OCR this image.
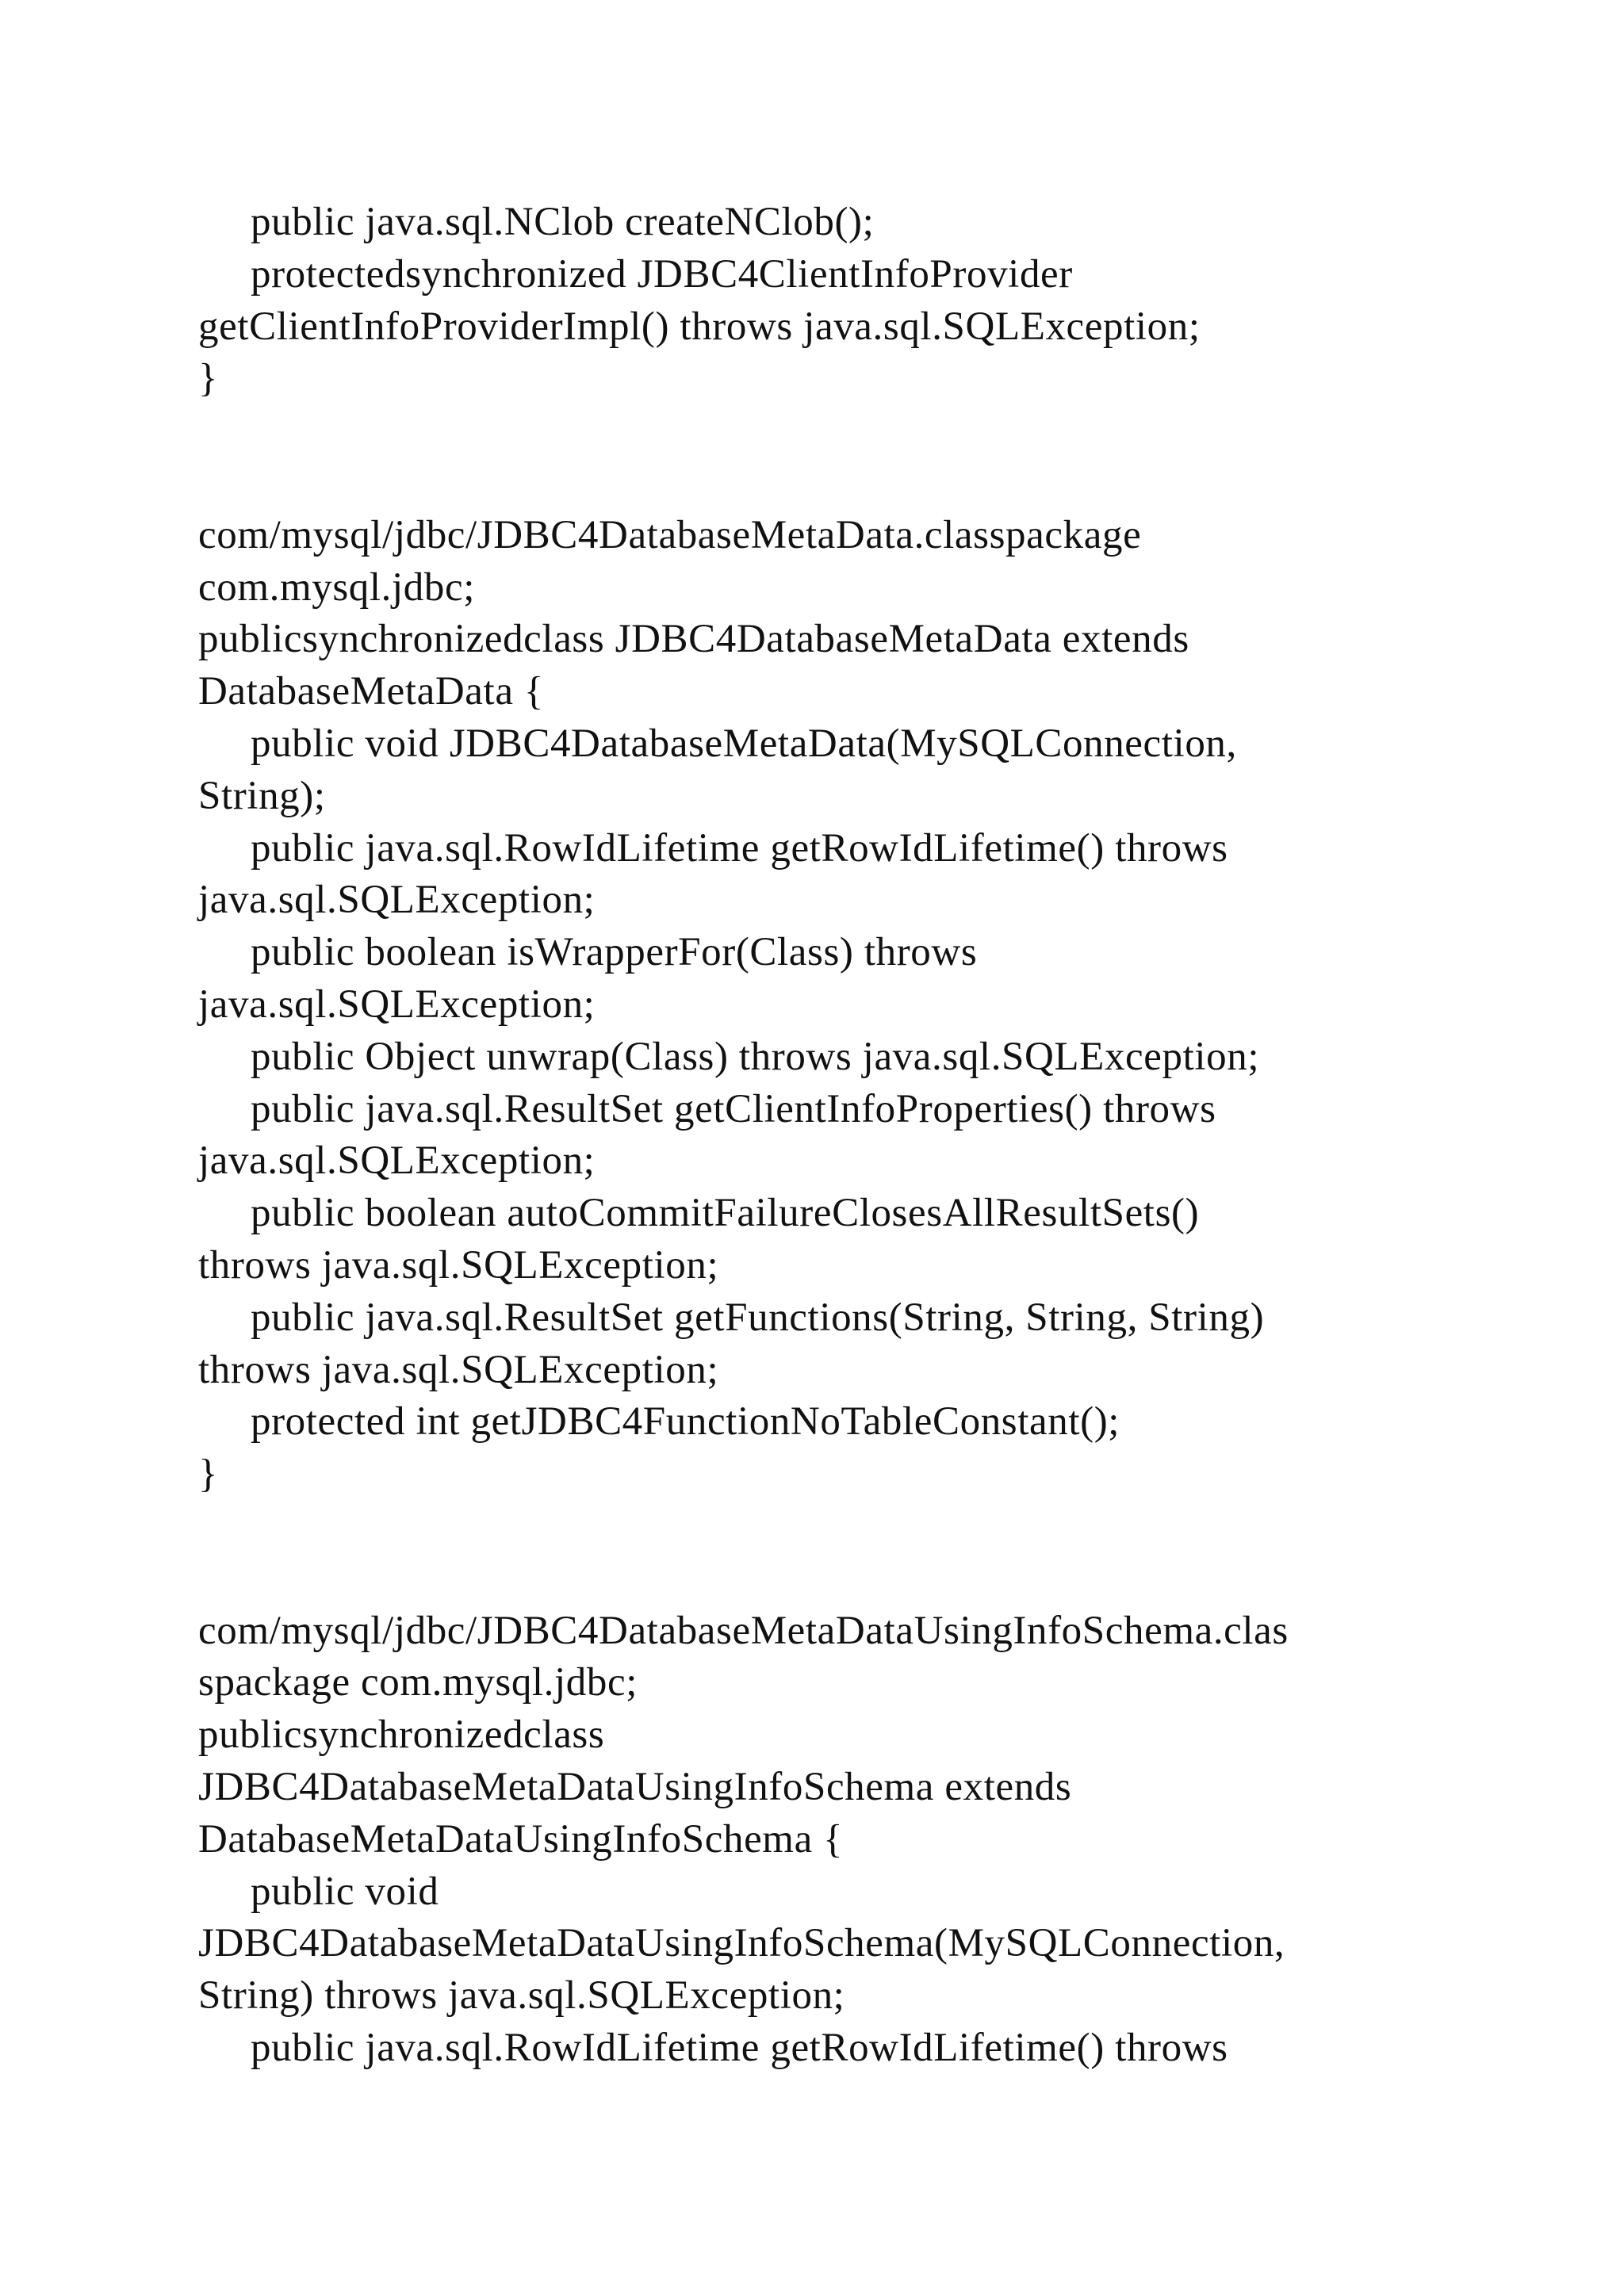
public java.sql.NClob createNClob();
protectedsynchronized JDBC4ClientInfoProvider
getClientInfoProviderImpl() throws java.sql.SQLException;
}
com/mysql/jdbc/JDBC4DatabaseMetaData.classpackage
com.mysql.jdbc;
publicsynchronizedclass JDBC4DatabaseMetaData extends
DatabaseMetaData {
public void JDBC4DatabaseMetaData(MySQLConnection,
String);
public java.sql.RowIdLifetime getRowIdLifetime() throws
java.sql.SQLException;
public boolean isWrapperFor(Class) throws
java.sql.SQLException;
public Object unwrap(Class) throws java.sql.SQLException;
public java.sql.ResultSet getClientInfoProperties() throws
java.sql.SQLException;
public boolean autoCommitFailureClosesAllResultSets()
throws java.sql.SQLException;
public java.sql.ResultSet getFunctions(String, String, String)
throws java.sql.SQLException;
protected int getJDBC4FunctionNoTableConstant();
}
com/mysql/jdbc/JDBC4DatabaseMetaDataUsingInfoSchema.clas
spackage com.mysql.jdbc;
publicsynchronizedclass
JDBC4DatabaseMetaDataUsingInfoSchema extends
DatabaseMetaDataUsingInfoSchema {
public void
JDBC4DatabaseMetaDataUsingInfoSchema(MySQLConnection,
String) throws java.sql.SQLException;
public java.sql.RowIdLifetime getRowIdLifetime() throws
